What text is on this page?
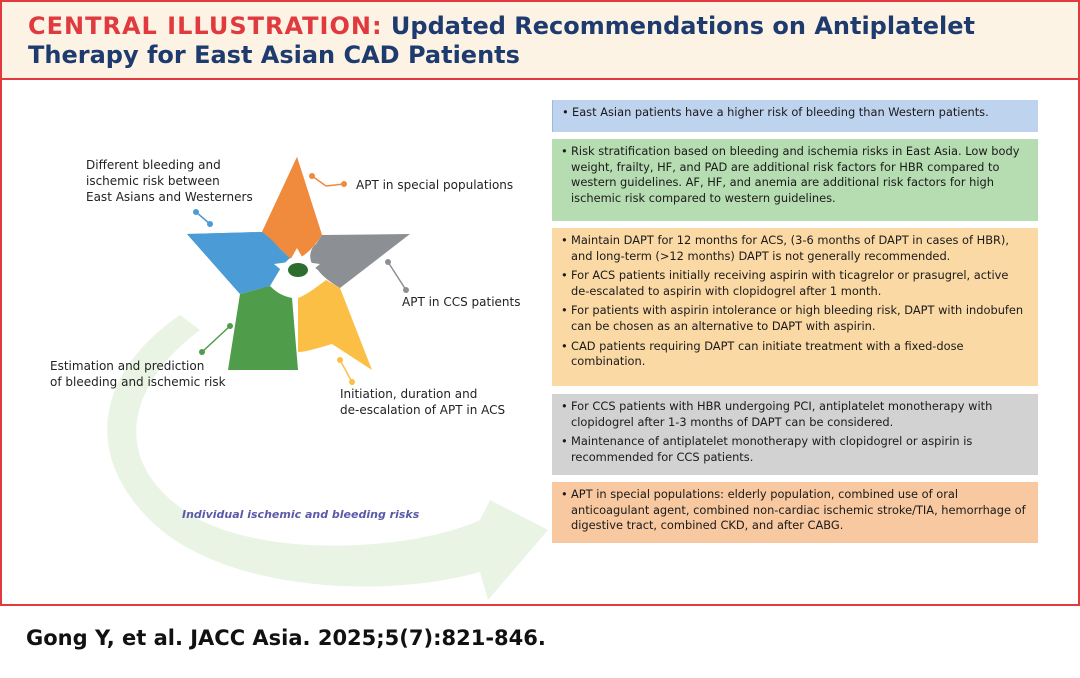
CENTRAL ILLUSTRATION: Updated Recommendations on Antiplatelet Therapy for East Asian CAD Patients
Different bleeding and
ischemic risk between
East Asians and Westerners
APT in special populations
APT in CCS patients
Initiation, duration and
de-escalation of APT in ACS
Estimation and prediction
of bleeding and ischemic risk
Individual ischemic and bleeding risks
• East Asian patients have a higher risk of bleeding than Western patients.
• Risk stratification based on bleeding and ischemia risks in East Asia. Low body weight, frailty, HF, and PAD are additional risk factors for HBR compared to western guidelines. AF, HF, and anemia are additional risk factors for high ischemic risk compared to western guidelines.
• Maintain DAPT for 12 months for ACS, (3-6 months of DAPT in cases of HBR), and long-term (>12 months) DAPT is not generally recommended.
• For ACS patients initially receiving aspirin with ticagrelor or prasugrel, active de-escalated to aspirin with clopidogrel after 1 month.
• For patients with aspirin intolerance or high bleeding risk, DAPT with indobufen can be chosen as an alternative to DAPT with aspirin.
• CAD patients requiring DAPT can initiate treatment with a fixed-dose combination.
• For CCS patients with HBR undergoing PCI, antiplatelet monotherapy with clopidogrel after 1-3 months of DAPT can be considered.
• Maintenance of antiplatelet monotherapy with clopidogrel or aspirin is recommended for CCS patients.
• APT in special populations: elderly population, combined use of oral anticoagulant agent, combined non-cardiac ischemic stroke/TIA, hemorrhage of digestive tract, combined CKD, and after CABG.
Gong Y, et al. JACC Asia. 2025;5(7):821-846.
